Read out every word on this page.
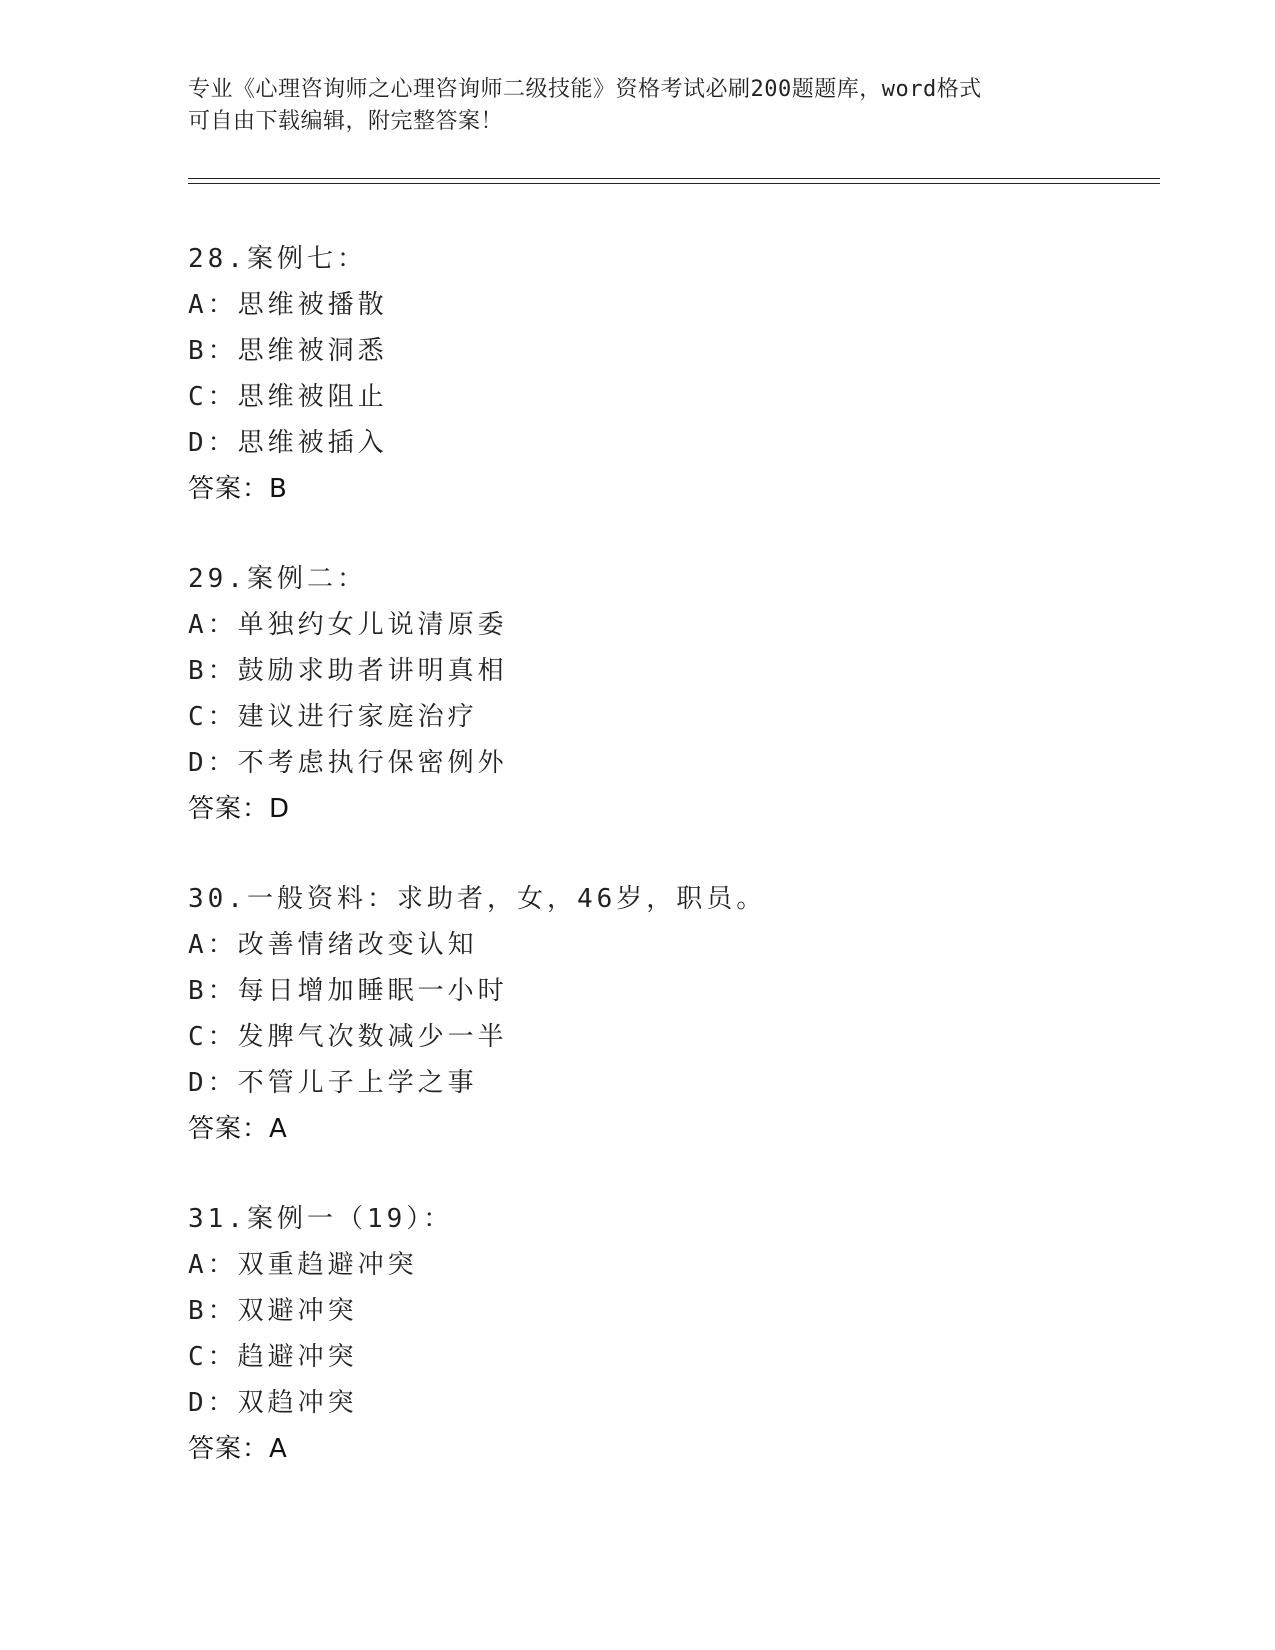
专业《心理咨询师之心理咨询师二级技能》资格考试必刷200题题库，word格式
可自由下载编辑，附完整答案！
28.案例七：
A：思维被播散
B：思维被洞悉
C：思维被阻止
D：思维被插入
答案：B
29.案例二：
A：单独约女儿说清原委
B：鼓励求助者讲明真相
C：建议进行家庭治疗
D：不考虑执行保密例外
答案：D
30.一般资料：求助者，女，46岁，职员。
A：改善情绪改变认知
B：每日增加睡眠一小时
C：发脾气次数减少一半
D：不管儿子上学之事
答案：A
31.案例一（19）：
A：双重趋避冲突
B：双避冲突
C：趋避冲突
D：双趋冲突
答案：A
